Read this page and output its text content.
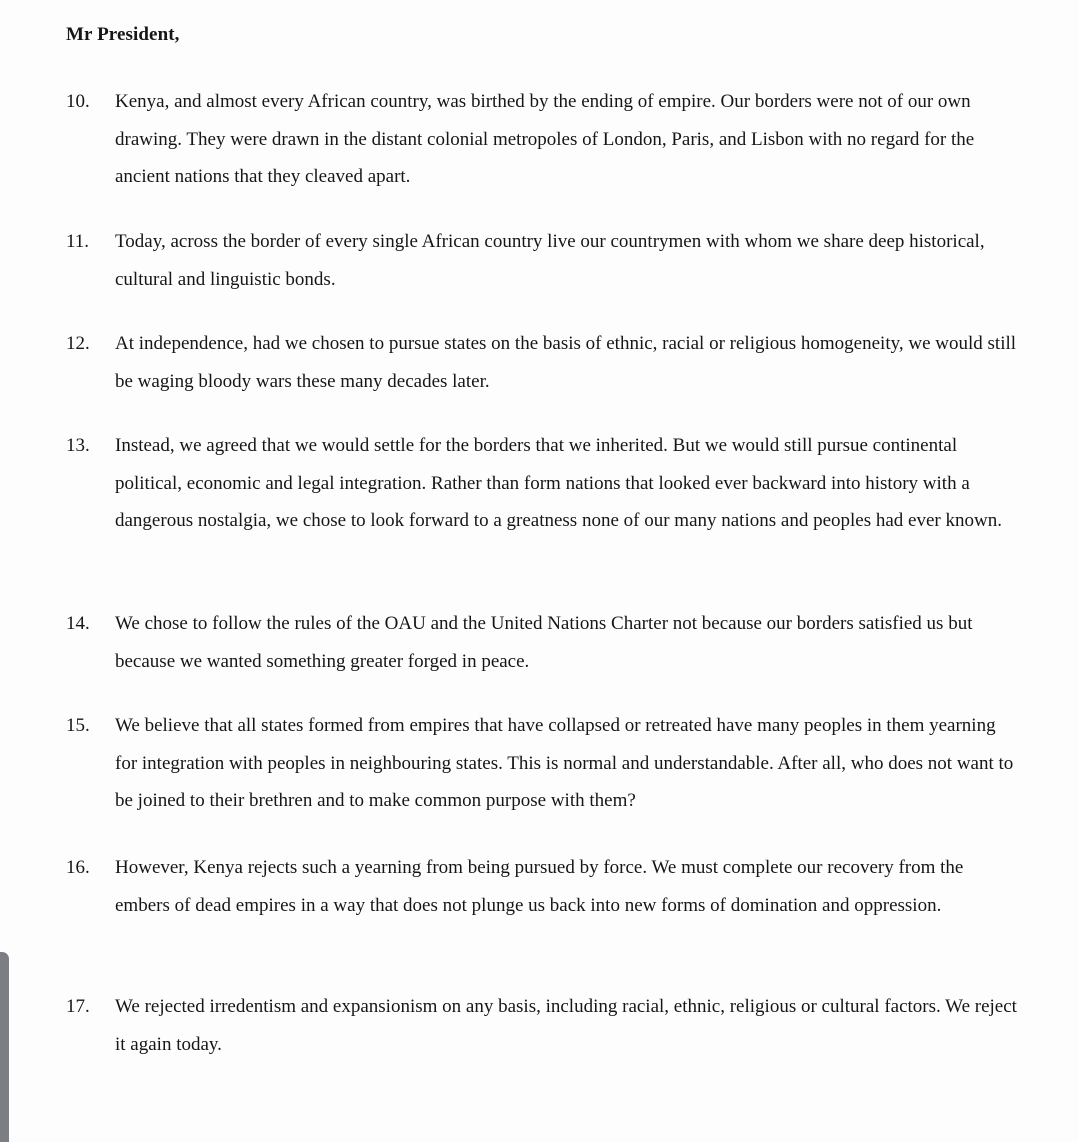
Mr President,
10. Kenya, and almost every African country, was birthed by the ending of empire. Our borders were not of our own drawing. They were drawn in the distant colonial metropoles of London, Paris, and Lisbon with no regard for the ancient nations that they cleaved apart.
11. Today, across the border of every single African country live our countrymen with whom we share deep historical, cultural and linguistic bonds.
12. At independence, had we chosen to pursue states on the basis of ethnic, racial or religious homogeneity, we would still be waging bloody wars these many decades later.
13. Instead, we agreed that we would settle for the borders that we inherited. But we would still pursue continental political, economic and legal integration. Rather than form nations that looked ever backward into history with a dangerous nostalgia, we chose to look forward to a greatness none of our many nations and peoples had ever known.
14. We chose to follow the rules of the OAU and the United Nations Charter not because our borders satisfied us but because we wanted something greater forged in peace.
15. We believe that all states formed from empires that have collapsed or retreated have many peoples in them yearning for integration with peoples in neighbouring states. This is normal and understandable. After all, who does not want to be joined to their brethren and to make common purpose with them?
16. However, Kenya rejects such a yearning from being pursued by force. We must complete our recovery from the embers of dead empires in a way that does not plunge us back into new forms of domination and oppression.
17. We rejected irredentism and expansionism on any basis, including racial, ethnic, religious or cultural factors. We reject it again today.
